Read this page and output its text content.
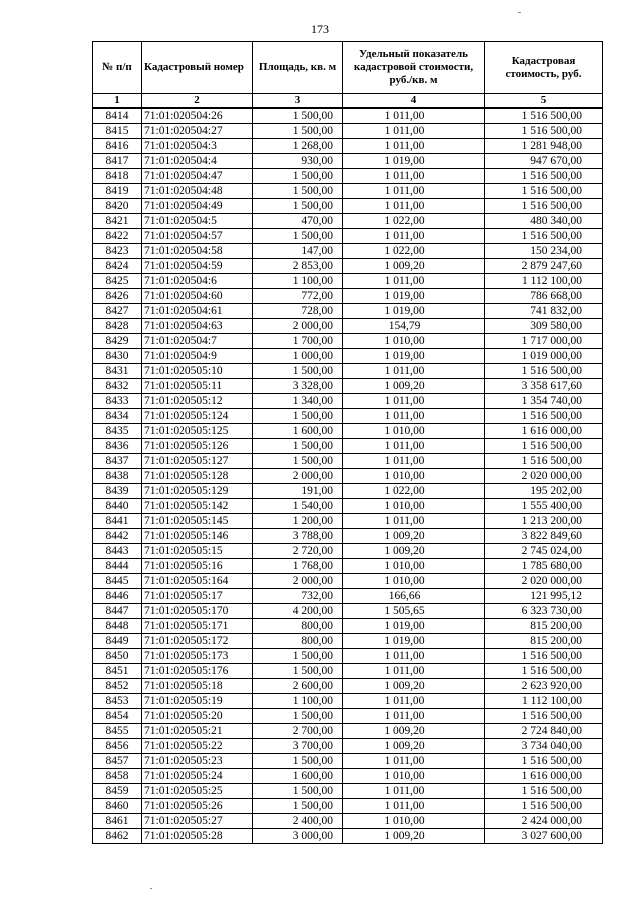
173
№ п/п	Кадастровый номер	Площадь, кв. м	Удельный показатель кадастровой стоимости, руб./кв. м	Кадастровая стоимость, руб.
1	2	3	4	5
8414	71:01:020504:26	1 500,00	1 011,00	1 516 500,00
8415	71:01:020504:27	1 500,00	1 011,00	1 516 500,00
8416	71:01:020504:3	1 268,00	1 011,00	1 281 948,00
8417	71:01:020504:4	930,00	1 019,00	947 670,00
8418	71:01:020504:47	1 500,00	1 011,00	1 516 500,00
8419	71:01:020504:48	1 500,00	1 011,00	1 516 500,00
8420	71:01:020504:49	1 500,00	1 011,00	1 516 500,00
8421	71:01:020504:5	470,00	1 022,00	480 340,00
8422	71:01:020504:57	1 500,00	1 011,00	1 516 500,00
8423	71:01:020504:58	147,00	1 022,00	150 234,00
8424	71:01:020504:59	2 853,00	1 009,20	2 879 247,60
8425	71:01:020504:6	1 100,00	1 011,00	1 112 100,00
8426	71:01:020504:60	772,00	1 019,00	786 668,00
8427	71:01:020504:61	728,00	1 019,00	741 832,00
8428	71:01:020504:63	2 000,00	154,79	309 580,00
8429	71:01:020504:7	1 700,00	1 010,00	1 717 000,00
8430	71:01:020504:9	1 000,00	1 019,00	1 019 000,00
8431	71:01:020505:10	1 500,00	1 011,00	1 516 500,00
8432	71:01:020505:11	3 328,00	1 009,20	3 358 617,60
8433	71:01:020505:12	1 340,00	1 011,00	1 354 740,00
8434	71:01:020505:124	1 500,00	1 011,00	1 516 500,00
8435	71:01:020505:125	1 600,00	1 010,00	1 616 000,00
8436	71:01:020505:126	1 500,00	1 011,00	1 516 500,00
8437	71:01:020505:127	1 500,00	1 011,00	1 516 500,00
8438	71:01:020505:128	2 000,00	1 010,00	2 020 000,00
8439	71:01:020505:129	191,00	1 022,00	195 202,00
8440	71:01:020505:142	1 540,00	1 010,00	1 555 400,00
8441	71:01:020505:145	1 200,00	1 011,00	1 213 200,00
8442	71:01:020505:146	3 788,00	1 009,20	3 822 849,60
8443	71:01:020505:15	2 720,00	1 009,20	2 745 024,00
8444	71:01:020505:16	1 768,00	1 010,00	1 785 680,00
8445	71:01:020505:164	2 000,00	1 010,00	2 020 000,00
8446	71:01:020505:17	732,00	166,66	121 995,12
8447	71:01:020505:170	4 200,00	1 505,65	6 323 730,00
8448	71:01:020505:171	800,00	1 019,00	815 200,00
8449	71:01:020505:172	800,00	1 019,00	815 200,00
8450	71:01:020505:173	1 500,00	1 011,00	1 516 500,00
8451	71:01:020505:176	1 500,00	1 011,00	1 516 500,00
8452	71:01:020505:18	2 600,00	1 009,20	2 623 920,00
8453	71:01:020505:19	1 100,00	1 011,00	1 112 100,00
8454	71:01:020505:20	1 500,00	1 011,00	1 516 500,00
8455	71:01:020505:21	2 700,00	1 009,20	2 724 840,00
8456	71:01:020505:22	3 700,00	1 009,20	3 734 040,00
8457	71:01:020505:23	1 500,00	1 011,00	1 516 500,00
8458	71:01:020505:24	1 600,00	1 010,00	1 616 000,00
8459	71:01:020505:25	1 500,00	1 011,00	1 516 500,00
8460	71:01:020505:26	1 500,00	1 011,00	1 516 500,00
8461	71:01:020505:27	2 400,00	1 010,00	2 424 000,00
8462	71:01:020505:28	3 000,00	1 009,20	3 027 600,00
